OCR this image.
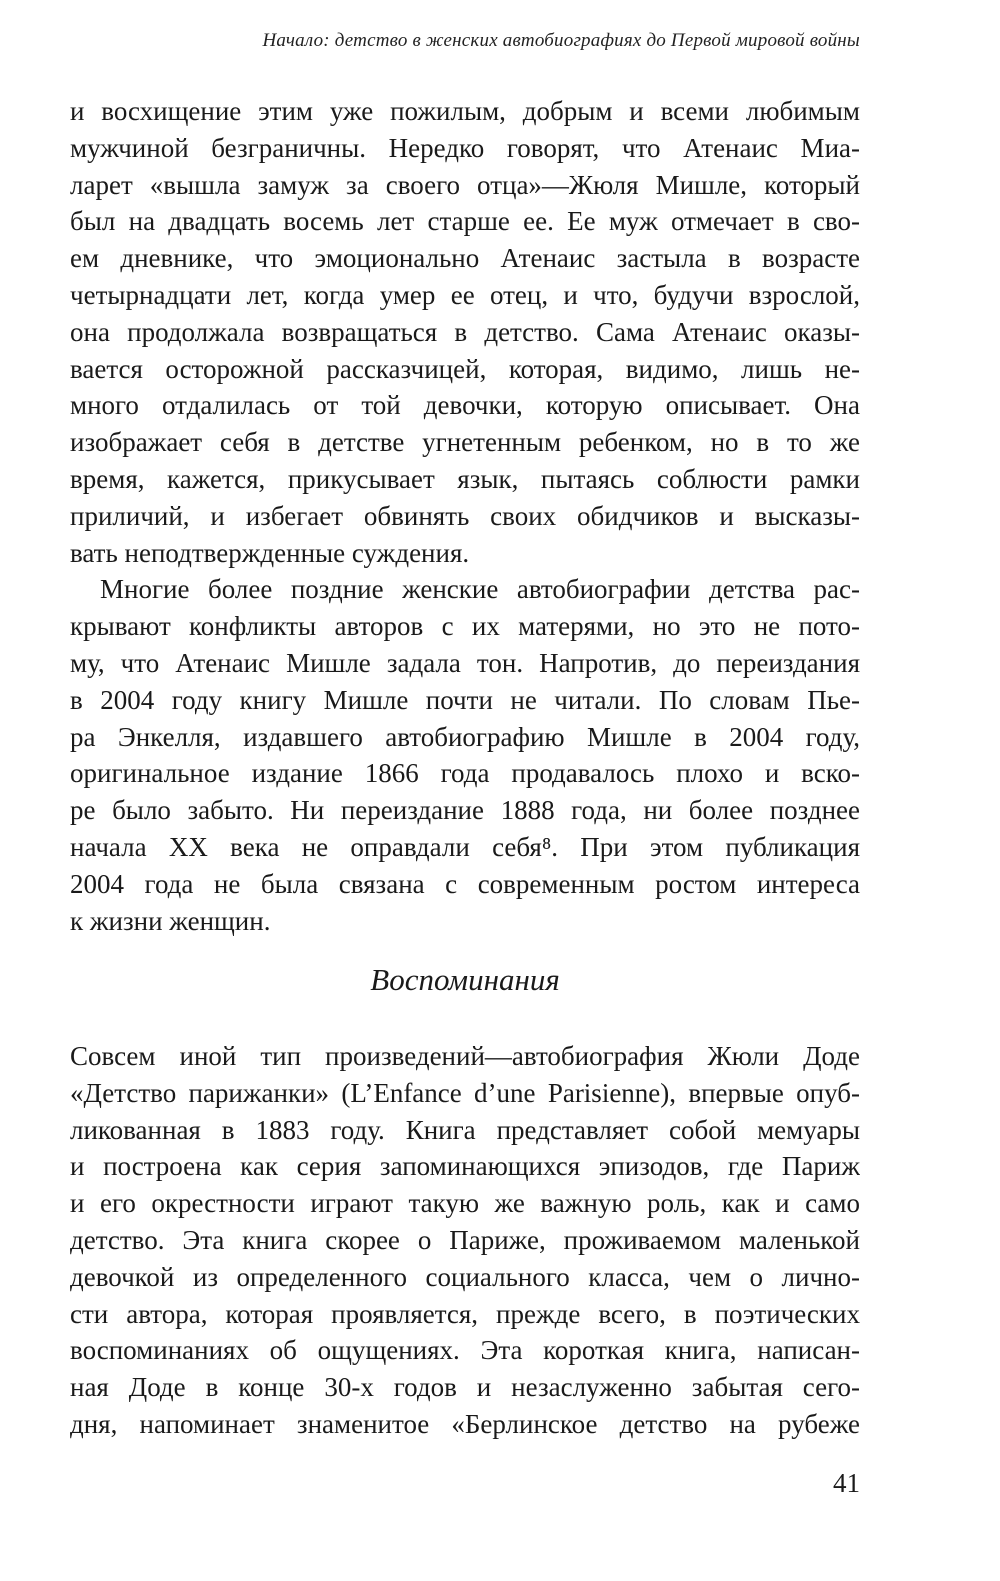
Начало: детство в женских автобиографиях до Первой мировой войны
и восхищение этим уже пожилым, добрым и всеми любимым
мужчиной безграничны. Нередко говорят, что Атенаис Миа-
ларет «вышла замуж за своего отца»—Жюля Мишле, который
был на двадцать восемь лет старше ее. Ее муж отмечает в сво-
ем дневнике, что эмоционально Атенаис застыла в возрасте
четырнадцати лет, когда умер ее отец, и что, будучи взрослой,
она продолжала возвращаться в детство. Сама Атенаис оказы-
вается осторожной рассказчицей, которая, видимо, лишь не-
много отдалилась от той девочки, которую описывает. Она
изображает себя в детстве угнетенным ребенком, но в то же
время, кажется, прикусывает язык, пытаясь соблюсти рамки
приличий, и избегает обвинять своих обидчиков и высказы-
вать неподтвержденные суждения.
Многие более поздние женские автобиографии детства рас-
крывают конфликты авторов с их матерями, но это не пото-
му, что Атенаис Мишле задала тон. Напротив, до переиздания
в 2004 году книгу Мишле почти не читали. По словам Пье-
ра Энкелля, издавшего автобиографию Мишле в 2004 году,
оригинальное издание 1866 года продавалось плохо и вско-
ре было забыто. Ни переиздание 1888 года, ни более позднее
начала XX века не оправдали себя⁸. При этом публикация
2004 года не была связана с современным ростом интереса
к жизни женщин.
Воспоминания
Совсем иной тип произведений—автобиография Жюли Доде
«Детство парижанки» (L’Enfance d’une Parisienne), впервые опуб-
ликованная в 1883 году. Книга представляет собой мемуары
и построена как серия запоминающихся эпизодов, где Париж
и его окрестности играют такую же важную роль, как и само
детство. Эта книга скорее о Париже, проживаемом маленькой
девочкой из определенного социального класса, чем о лично-
сти автора, которая проявляется, прежде всего, в поэтических
воспоминаниях об ощущениях. Эта короткая книга, написан-
ная Доде в конце 30-х годов и незаслуженно забытая сего-
дня, напоминает знаменитое «Берлинское детство на рубеже
41
